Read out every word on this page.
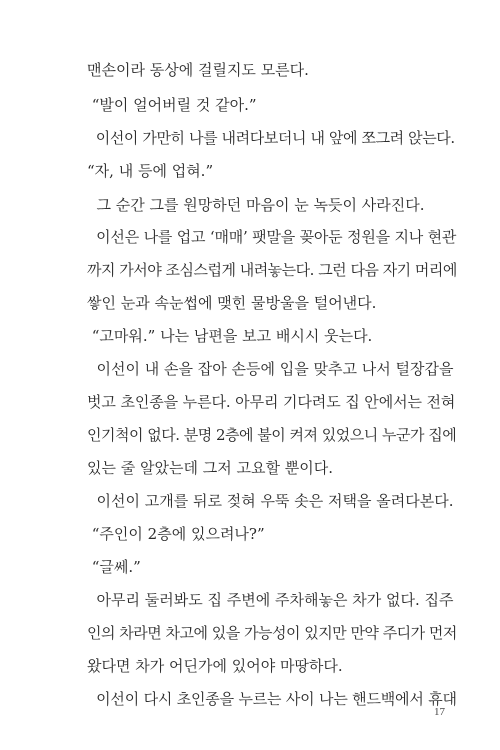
맨손이라 동상에 걸릴지도 모른다.
“발이 얼어버릴 것 같아.”
이선이 가만히 나를 내려다보더니 내 앞에 쪼그려 앉는다.
“자, 내 등에 업혀.”
그 순간 그를 원망하던 마음이 눈 녹듯이 사라진다.
이선은 나를 업고 ‘매매’ 팻말을 꽂아둔 정원을 지나 현관
까지 가서야 조심스럽게 내려놓는다. 그런 다음 자기 머리에
쌓인 눈과 속눈썹에 맺힌 물방울을 털어낸다.
“고마워.” 나는 남편을 보고 배시시 웃는다.
이선이 내 손을 잡아 손등에 입을 맞추고 나서 털장갑을
벗고 초인종을 누른다. 아무리 기다려도 집 안에서는 전혀
인기척이 없다. 분명 2층에 불이 켜져 있었으니 누군가 집에
있는 줄 알았는데 그저 고요할 뿐이다.
이선이 고개를 뒤로 젖혀 우뚝 솟은 저택을 올려다본다.
“주인이 2층에 있으려나?”
“글쎄.”
아무리 둘러봐도 집 주변에 주차해놓은 차가 없다. 집주
인의 차라면 차고에 있을 가능성이 있지만 만약 주디가 먼저
왔다면 차가 어딘가에 있어야 마땅하다.
이선이 다시 초인종을 누르는 사이 나는 핸드백에서 휴대
17
